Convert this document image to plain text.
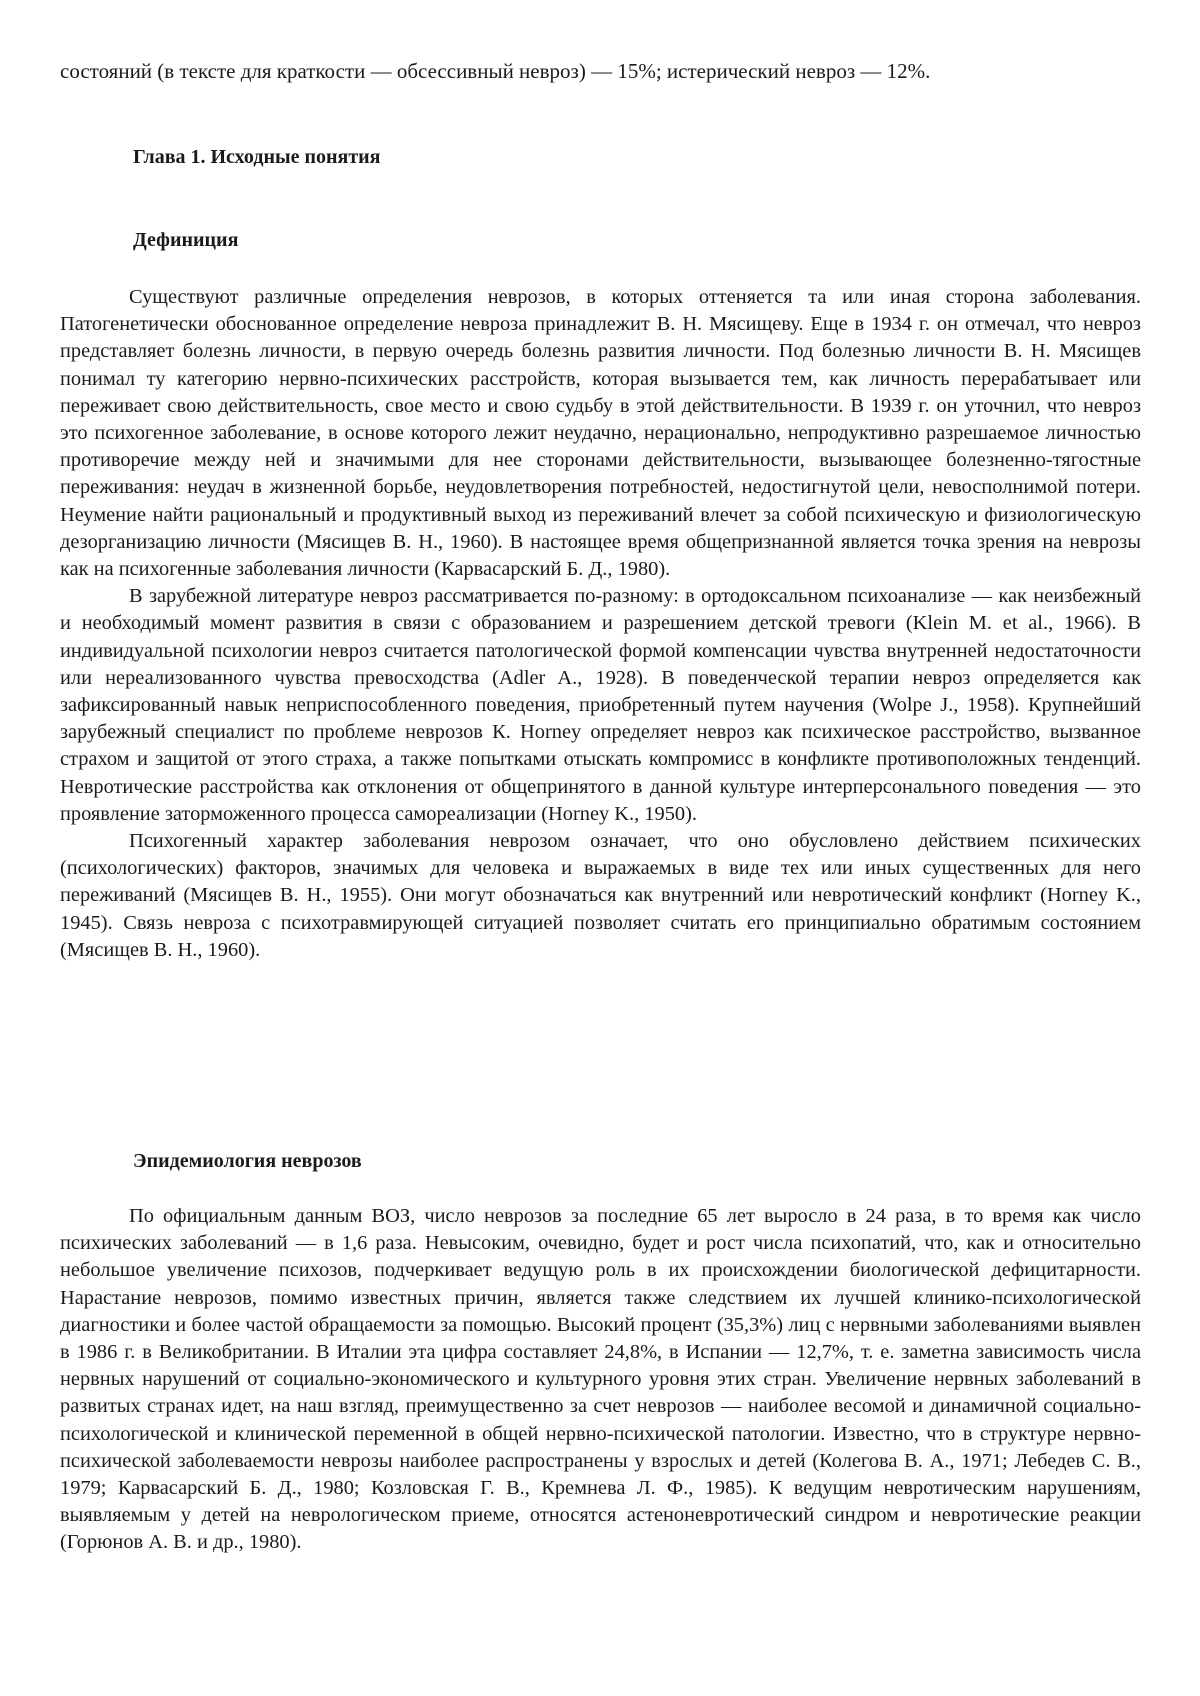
состояний (в тексте для краткости — обсессивный невроз) — 15%; истерический невроз — 12%.

Глава 1. Исходные понятия
Дефиниция

Существуют различные определения неврозов, в которых оттеняется та или иная сторона заболевания. Патогенетически обоснованное определение невроза принадлежит В. Н. Мясищеву. Еще в 1934 г. он отмечал, что невроз представляет болезнь личности, в первую очередь болезнь развития личности. Под болезнью личности В. Н. Мясищев понимал ту категорию нервно-психических расстройств, которая вызывается тем, как личность перерабатывает или переживает свою действительность, свое место и свою судьбу в этой действительности. В 1939 г. он уточнил, что невроз это психогенное заболевание, в основе которого лежит неудачно, нерационально, непродуктивно разрешаемое личностью противоречие между ней и значимыми для нее сторонами действительности, вызывающее болезненно-тягостные переживания: неудач в жизненной борьбе, неудовлетворения потребностей, недостигнутой цели, невосполнимой потери. Неумение найти рациональный и продуктивный выход из переживаний влечет за собой психическую и физиологическую дезорганизацию личности (Мясищев В. Н., 1960). В настоящее время общепризнанной является точка зрения на неврозы как на психогенные заболевания личности (Карвасарский Б. Д., 1980).

В зарубежной литературе невроз рассматривается по-разному: в ортодоксальном психоанализе — как неизбежный и необходимый момент развития в связи с образованием и разрешением детской тревоги (Klein M. et al., 1966). В индивидуальной психологии невроз считается патологической формой компенсации чувства внутренней недостаточности или нереализованного чувства превосходства (Adler A., 1928). В поведенческой терапии невроз определяется как зафиксированный навык неприспособленного поведения, приобретенный путем научения (Wolpe J., 1958). Крупнейший зарубежный специалист по проблеме неврозов К. Horney определяет невроз как психическое расстройство, вызванное страхом и защитой от этого страха, а также попытками отыскать компромисс в конфликте противоположных тенденций. Невротические расстройства как отклонения от общепринятого в данной культуре интерперсонального поведения — это проявление заторможенного процесса самореализации (Horney K., 1950).

Психогенный характер заболевания неврозом означает, что оно обусловлено действием психических (психологических) факторов, значимых для человека и выражаемых в виде тех или иных существенных для него переживаний (Мясищев В. Н., 1955). Они могут обозначаться как внутренний или невротический конфликт (Horney K., 1945). Связь невроза с психотравмирующей ситуацией позволяет считать его принципиально обратимым состоянием (Мясищев В. Н., 1960).

Эпидемиология неврозов

По официальным данным ВОЗ, число неврозов за последние 65 лет выросло в 24 раза, в то время как число психических заболеваний — в 1,6 раза. Невысоким, очевидно, будет и рост числа психопатий, что, как и относительно небольшое увеличение психозов, подчеркивает ведущую роль в их происхождении биологической дефицитарности. Нарастание неврозов, помимо известных причин, является также следствием их лучшей клинико-психологической диагностики и более частой обращаемости за помощью. Высокий процент (35,3%) лиц с нервными заболеваниями выявлен в 1986 г. в Великобритании. В Италии эта цифра составляет 24,8%, в Испании — 12,7%, т. е. заметна зависимость числа нервных нарушений от социально-экономического и культурного уровня этих стран. Увеличение нервных заболеваний в развитых странах идет, на наш взгляд, преимущественно за счет неврозов — наиболее весомой и динамичной социально-психологической и клинической переменной в общей нервно-психической патологии. Известно, что в структуре нервно-психической заболеваемости неврозы наиболее распространены у взрослых и детей (Колегова В. А., 1971; Лебедев С. В., 1979; Карвасарский Б. Д., 1980; Козловская Г. В., Кремнева Л. Ф., 1985). К ведущим невротическим нарушениям, выявляемым у детей на неврологическом приеме, относятся астеноневротический синдром и невротические реакции (Горюнов А. В. и др., 1980).
